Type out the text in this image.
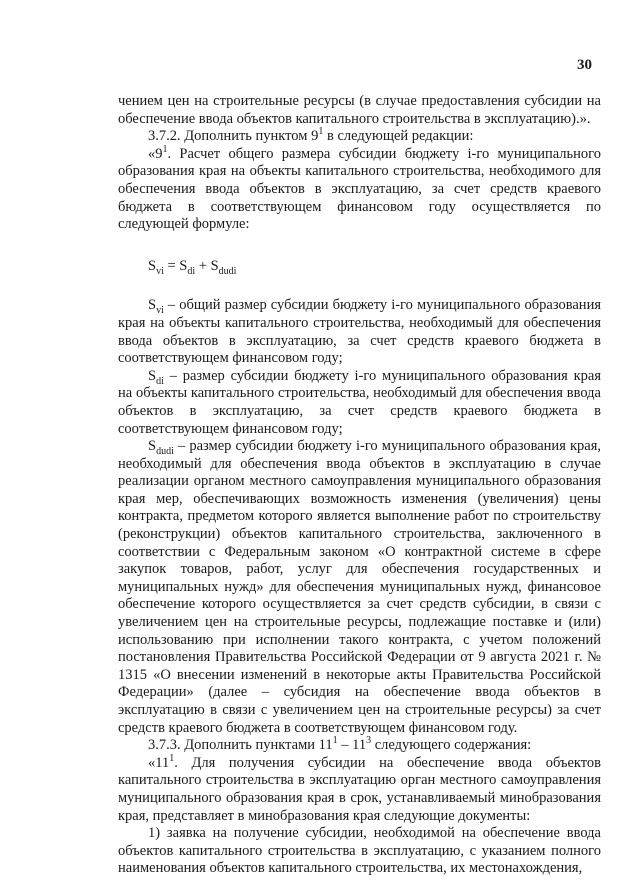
30

чением цен на строительные ресурсы (в случае предоставления субсидии на обеспечение ввода объектов капитального строительства в эксплуатацию).».

3.7.2. Дополнить пунктом $9^1$ в следующей редакции:

«$9^1$. Расчет общего размера субсидии бюджету i-го муниципального образования края на объекты капитального строительства, необходимого для обеспечения ввода объектов в эксплуатацию, за счет средств краевого бюджета в соответствующем финансовом году осуществляется по следующей формуле:

$S_{vi} = S_{di} + S_{dudi}$

$S_{vi}$ – общий размер субсидии бюджету i-го муниципального образования края на объекты капитального строительства, необходимый для обеспечения ввода объектов в эксплуатацию, за счет средств краевого бюджета в соответствующем финансовом году;

$S_{di}$ – размер субсидии бюджету i-го муниципального образования края на объекты капитального строительства, необходимый для обеспечения ввода объектов в эксплуатацию, за счет средств краевого бюджета в соответствующем финансовом году;

$S_{dudi}$ – размер субсидии бюджету i-го муниципального образования края, необходимый для обеспечения ввода объектов в эксплуатацию в случае реализации органом местного самоуправления муниципального образования края мер, обеспечивающих возможность изменения (увеличения) цены контракта, предметом которого является выполнение работ по строительству (реконструкции) объектов капитального строительства, заключенного в соответствии с Федеральным законом «О контрактной системе в сфере закупок товаров, работ, услуг для обеспечения государственных и муниципальных нужд» для обеспечения муниципальных нужд, финансовое обеспечение которого осуществляется за счет средств субсидии, в связи с увеличением цен на строительные ресурсы, подлежащие поставке и (или) использованию при исполнении такого контракта, с учетом положений постановления Правительства Российской Федерации от 9 августа 2021 г. № 1315 «О внесении изменений в некоторые акты Правительства Российской Федерации» (далее – субсидия на обеспечение ввода объектов в эксплуатацию в связи с увеличением цен на строительные ресурсы) за счет средств краевого бюджета в соответствующем финансовом году.

3.7.3. Дополнить пунктами $11^1 - 11^3$ следующего содержания:

«$11^1$. Для получения субсидии на обеспечение ввода объектов капитального строительства в эксплуатацию орган местного самоуправления муниципального образования края в срок, устанавливаемый минобразования края, представляет в минобразования края следующие документы:

1) заявка на получение субсидии, необходимой на обеспечение ввода объектов капитального строительства в эксплуатацию, с указанием полного наименования объектов капитального строительства, их местонахождения,
